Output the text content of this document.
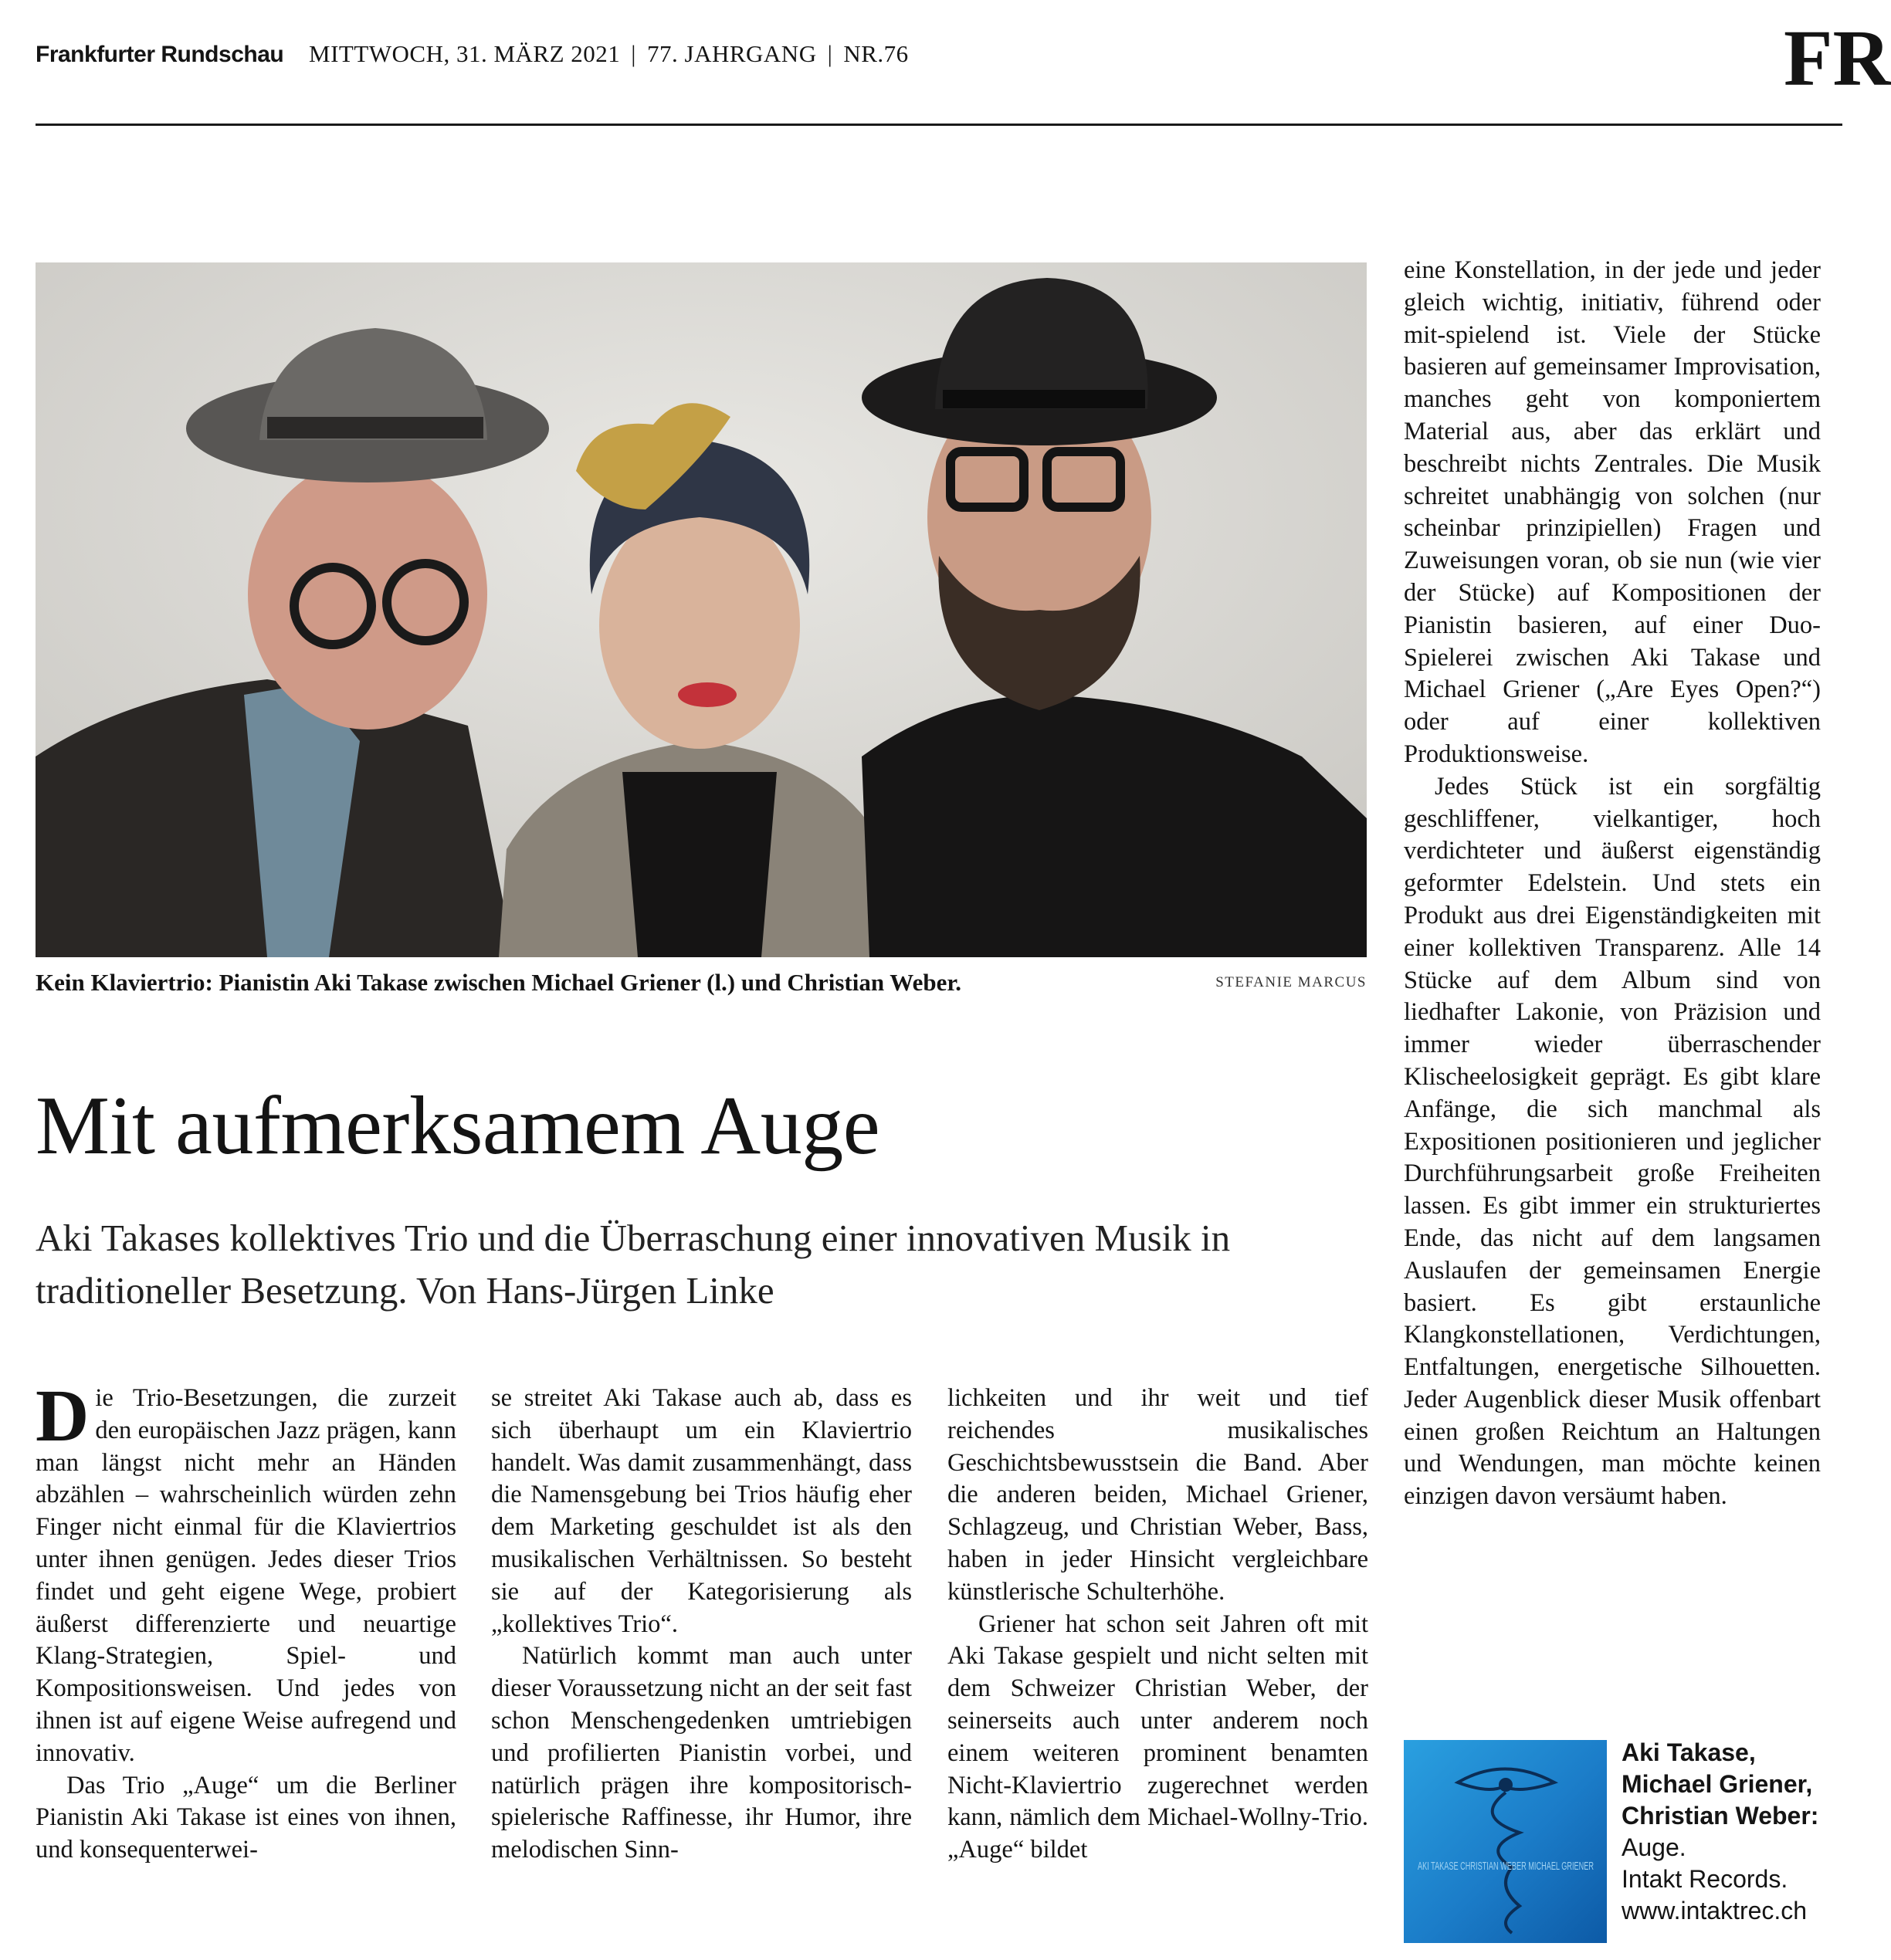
Frankfurter Rundschau MITTWOCH, 31. MÄRZ 2021 | 77. JAHRGANG | NR.76	FR
Kein Klaviertrio: Pianistin Aki Takase zwischen Michael Griener (l.) und Christian Weber.	STEFANIE MARCUS
Mit aufmerksamem Auge

Aki Takases kollektives Trio und die Überraschung einer innovativen Musik in traditioneller Besetzung. Von Hans-Jürgen Linke

Die Trio-Besetzungen, die zurzeit den europäischen Jazz prägen, kann man längst nicht mehr an Händen abzählen – wahrscheinlich würden zehn Finger nicht einmal für die Klaviertrios unter ihnen genügen. Jedes dieser Trios findet und geht eigene Wege, probiert äußerst differenzierte und neuartige Klang-Strategien, Spiel- und Kompositionsweisen. Und jedes von ihnen ist auf eigene Weise aufregend und innovativ.

Das Trio „Auge“ um die Berliner Pianistin Aki Takase ist eines von ihnen, und konsequenterwei-

se streitet Aki Takase auch ab, dass es sich überhaupt um ein Klaviertrio handelt. Was damit zusammenhängt, dass die Namensgebung bei Trios häufig eher dem Marketing geschuldet ist als den musikalischen Verhältnissen. So besteht sie auf der Kategorisierung als „kollektives Trio“.

Natürlich kommt man auch unter dieser Voraussetzung nicht an der seit fast schon Menschengedenken umtriebigen und profilierten Pianistin vorbei, und natürlich prägen ihre kompositorisch-spielerische Raffinesse, ihr Humor, ihre melodischen Sinn-

lichkeiten und ihr weit und tief reichendes musikalisches Geschichtsbewusstsein die Band. Aber die anderen beiden, Michael Griener, Schlagzeug, und Christian Weber, Bass, haben in jeder Hinsicht vergleichbare künstlerische Schulterhöhe.

Griener hat schon seit Jahren oft mit Aki Takase gespielt und nicht selten mit dem Schweizer Christian Weber, der seinerseits auch unter anderem noch einem weiteren prominent benamten Nicht-Klaviertrio zugerechnet werden kann, nämlich dem Michael-Wollny-Trio. „Auge“ bildet

eine Konstellation, in der jede und jeder gleich wichtig, initiativ, führend oder mit-spielend ist. Viele der Stücke basieren auf gemeinsamer Improvisation, manches geht von komponiertem Material aus, aber das erklärt und beschreibt nichts Zentrales. Die Musik schreitet unabhängig von solchen (nur scheinbar prinzipiellen) Fragen und Zuweisungen voran, ob sie nun (wie vier der Stücke) auf Kompositionen der Pianistin basieren, auf einer Duo-Spielerei zwischen Aki Takase und Michael Griener („Are Eyes Open?“) oder auf einer kollektiven Produktionsweise.

Jedes Stück ist ein sorgfältig geschliffener, vielkantiger, hoch verdichteter und äußerst eigenständig geformter Edelstein. Und stets ein Produkt aus drei Eigenständigkeiten mit einer kollektiven Transparenz. Alle 14 Stücke auf dem Album sind von liedhafter Lakonie, von Präzision und immer wieder überraschender Klischeelosigkeit geprägt. Es gibt klare Anfänge, die sich manchmal als Expositionen positionieren und jeglicher Durchführungsarbeit große Freiheiten lassen. Es gibt immer ein strukturiertes Ende, das nicht auf dem langsamen Auslaufen der gemeinsamen Energie basiert. Es gibt erstaunliche Klangkonstellationen, Verdichtungen, Entfaltungen, energetische Silhouetten. Jeder Augenblick dieser Musik offenbart einen großen Reichtum an Haltungen und Wendungen, man möchte keinen einzigen davon versäumt haben.

AKI TAKASE CHRISTIAN WEBER MICHAEL GRIENER
Aki Takase,
Michael Griener,
Christian Weber:
Auge.
Intakt Records.
www.intaktrec.ch
